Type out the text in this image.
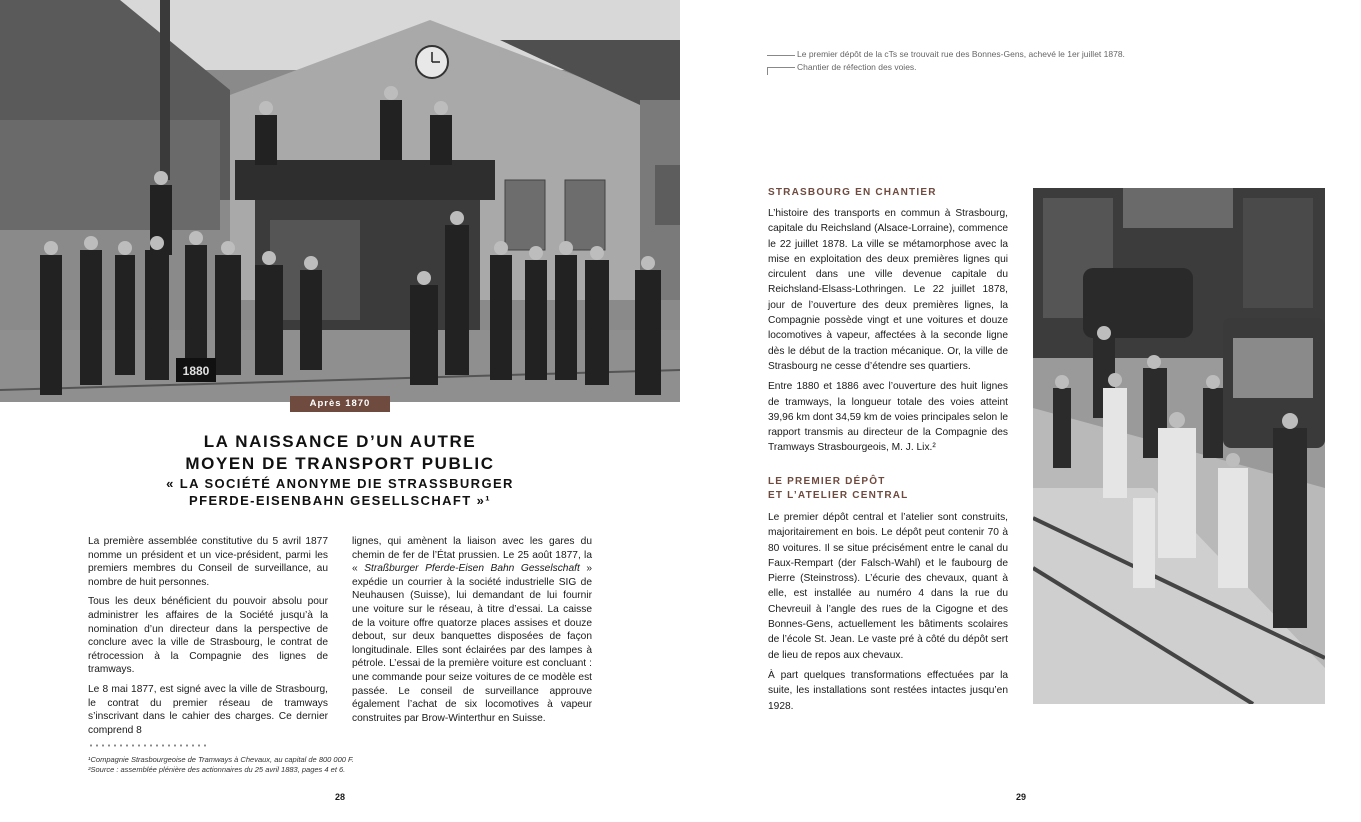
1880
Après 1870
LA NAISSANCE D’UN AUTRE
MOYEN DE TRANSPORT PUBLIC
« LA SOCIÉTÉ ANONYME DIE STRASSBURGER
PFERDE-EISENBAHN GESELLSCHAFT »¹

La première assemblée constitutive du 5 avril 1877 nomme un président et un vice-président, parmi les premiers membres du Conseil de surveillance, au nombre de huit personnes.

Tous les deux bénéficient du pouvoir absolu pour administrer les affaires de la Société jusqu’à la nomination d’un directeur dans la perspective de conclure avec la ville de Strasbourg, le contrat de rétrocession à la Compagnie des lignes de tramways.

Le 8 mai 1877, est signé avec la ville de Strasbourg, le contrat du premier réseau de tramways s’inscrivant dans le cahier des charges. Ce dernier comprend 8

lignes, qui amènent la liaison avec les gares du chemin de fer de l’État prussien. Le 25 août 1877, la « Straßburger Pferde-Eisen Bahn Gesselschaft » expédie un courrier à la société industrielle SIG de Neuhausen (Suisse), lui demandant de lui fournir une voiture sur le réseau, à titre d’essai. La caisse de la voiture offre quatorze places assises et douze debout, sur deux banquettes disposées de façon longitudinale. Elles sont éclairées par des lampes à pétrole. L’essai de la première voiture est concluant : une commande pour seize voitures de ce modèle est passée. Le conseil de surveillance approuve également l’achat de six locomotives à vapeur construites par Brow-Winterthur en Suisse.

¹Compagnie Strasbourgeoise de Tramways à Chevaux, au capital de 800 000 F.
²Source : assemblée plénière des actionnaires du 25 avril 1883, pages 4 et 6.
28
Le premier dépôt de la cTs se trouvait rue des Bonnes-Gens, achevé le 1er juillet 1878.
Chantier de réfection des voies.
STRASBOURG EN CHANTIER

L’histoire des transports en commun à Strasbourg, capitale du Reichsland (Alsace-Lorraine), commence le 22 juillet 1878. La ville se métamorphose avec la mise en exploitation des deux premières lignes qui circulent dans une ville devenue capitale du Reichsland-Elsass-Lothringen. Le 22 juillet 1878, jour de l’ouverture des deux premières lignes, la Compagnie possède vingt et une voitures et douze locomotives à vapeur, affectées à la seconde ligne dès le début de la traction mécanique. Or, la ville de Strasbourg ne cesse d’étendre ses quartiers.

Entre 1880 et 1886 avec l’ouverture des huit lignes de tramways, la longueur totale des voies atteint 39,96 km dont 34,59 km de voies principales selon le rapport transmis au directeur de la Compagnie des Tramways Strasbourgeois, M. J. Lix.²

LE PREMIER DÉPÔT
ET L’ATELIER CENTRAL

Le premier dépôt central et l’atelier sont construits, majoritairement en bois. Le dépôt peut contenir 70 à 80 voitures. Il se situe précisément entre le canal du Faux-Rempart (der Falsch-Wahl) et le faubourg de Pierre (Steinstross). L’écurie des chevaux, quant à elle, est installée au numéro 4 dans la rue du Chevreuil à l’angle des rues de la Cigogne et des Bonnes-Gens, actuellement les bâtiments scolaires de l’école St. Jean. Le vaste pré à côté du dépôt sert de lieu de repos aux chevaux.

À part quelques transformations effectuées par la suite, les installations sont restées intactes jusqu’en 1928.

29
